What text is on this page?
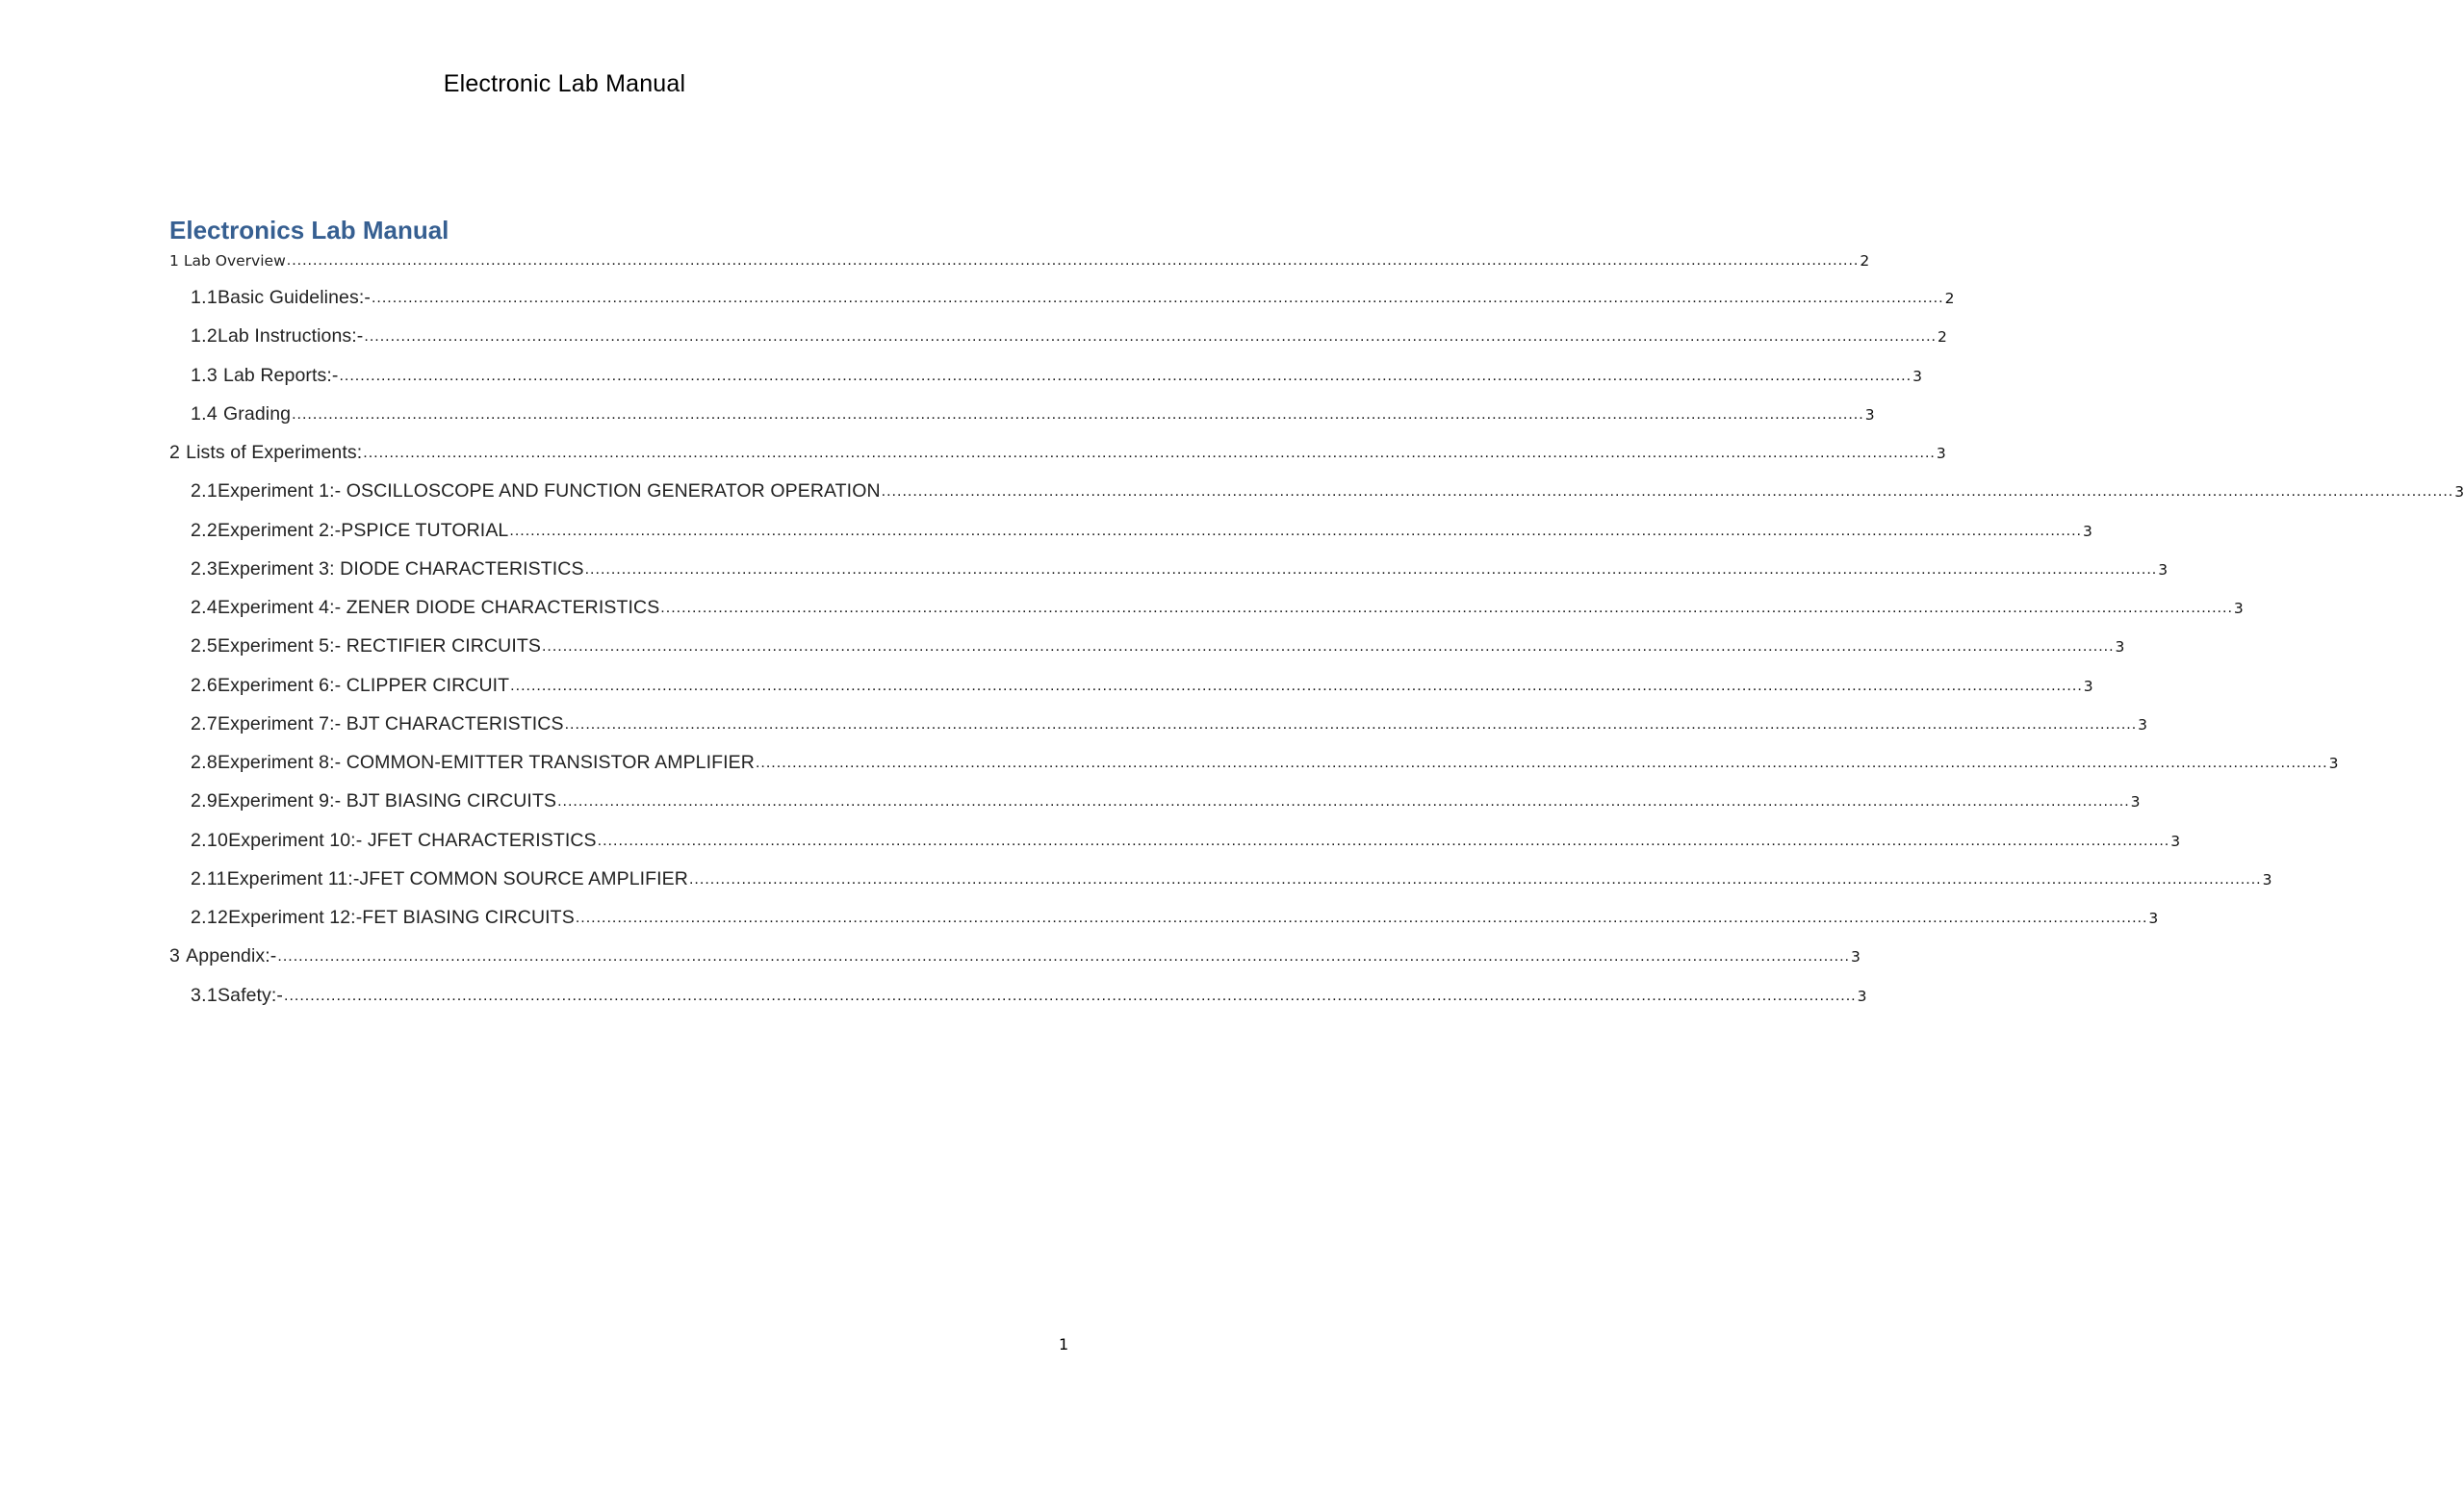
Electronic Lab Manual
Electronics Lab Manual
1 Lab Overview ............................................................................................................................................................................................................................................................................................................ 2
1.1 Basic Guidelines:- ............................................................................................................................................................................................................................................................................................................ 2
1.2 Lab Instructions:- ............................................................................................................................................................................................................................................................................................................ 2
1.3 Lab Reports:- ............................................................................................................................................................................................................................................................................................................ 3
1.4 Grading ............................................................................................................................................................................................................................................................................................................ 3
2 Lists of Experiments: ............................................................................................................................................................................................................................................................................................................ 3
2.1 Experiment 1:- OSCILLOSCOPE AND FUNCTION GENERATOR OPERATION ............................................................................................................................................................................................................................................................................................................ 3
2.2 Experiment 2:-PSPICE TUTORIAL ............................................................................................................................................................................................................................................................................................................ 3
2.3 Experiment 3: DIODE CHARACTERISTICS ............................................................................................................................................................................................................................................................................................................ 3
2.4 Experiment 4:- ZENER DIODE CHARACTERISTICS ............................................................................................................................................................................................................................................................................................................ 3
2.5 Experiment 5:- RECTIFIER CIRCUITS ............................................................................................................................................................................................................................................................................................................ 3
2.6 Experiment 6:- CLIPPER CIRCUIT ............................................................................................................................................................................................................................................................................................................ 3
2.7 Experiment 7:- BJT CHARACTERISTICS ............................................................................................................................................................................................................................................................................................................ 3
2.8 Experiment 8:- COMMON-EMITTER TRANSISTOR AMPLIFIER ............................................................................................................................................................................................................................................................................................................ 3
2.9 Experiment 9:- BJT BIASING CIRCUITS ............................................................................................................................................................................................................................................................................................................ 3
2.10 Experiment 10:- JFET CHARACTERISTICS ............................................................................................................................................................................................................................................................................................................ 3
2.11 Experiment 11:-JFET COMMON SOURCE AMPLIFIER ............................................................................................................................................................................................................................................................................................................ 3
2.12 Experiment 12:-FET BIASING CIRCUITS ............................................................................................................................................................................................................................................................................................................ 3
3 Appendix:- ............................................................................................................................................................................................................................................................................................................ 3
3.1 Safety:- ............................................................................................................................................................................................................................................................................................................ 3
1
